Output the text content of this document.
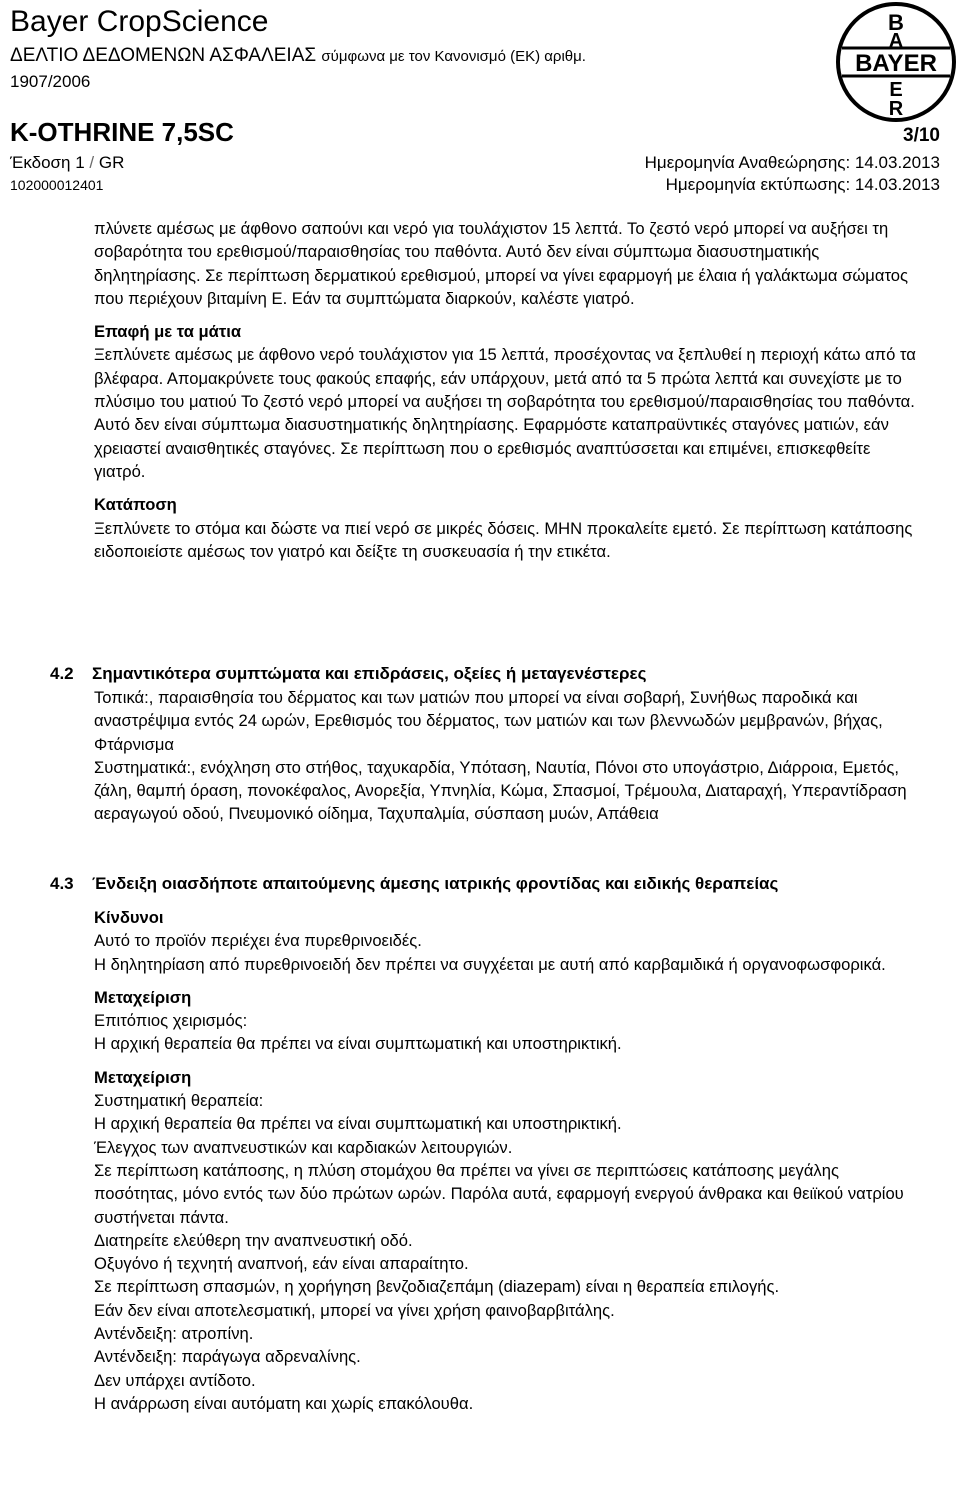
Bayer CropScience
ΔΕΛΤΙΟ ΔΕΔΟΜΕΝΩΝ ΑΣΦΑΛΕΙΑΣ σύμφωνα με τον Κανονισμό (ΕΚ) αριθμ.
1907/2006
B
A
BAYER
E
R
K-OTHRINE 7,5SC	3/10
Έκδοση 1 / GR	Ημερομηνία Αναθεώρησης: 14.03.2013
102000012401	Ημερομηνία εκτύπωσης: 14.03.2013

πλύνετε αμέσως με άφθονο σαπούνι και νερό για τουλάχιστον 15 λεπτά. Το ζεστό νερό μπορεί να αυξήσει τη σοβαρότητα του ερεθισμού/παραισθησίας του παθόντα. Αυτό δεν είναι σύμπτωμα διασυστηματικής δηλητηρίασης. Σε περίπτωση δερματικού ερεθισμού, μπορεί να γίνει εφαρμογή με έλαια ή γαλάκτωμα σώματος που περιέχουν βιταμίνη Ε. Εάν τα συμπτώματα διαρκούν, καλέστε γιατρό.

Επαφή με τα μάτια

Ξεπλύνετε αμέσως με άφθονο νερό τουλάχιστον για 15 λεπτά, προσέχοντας να ξεπλυθεί η περιοχή κάτω από τα βλέφαρα. Απομακρύνετε τους φακούς επαφής, εάν υπάρχουν, μετά από τα 5 πρώτα λεπτά και συνεχίστε με το πλύσιμο του ματιού Το ζεστό νερό μπορεί να αυξήσει τη σοβαρότητα του ερεθισμού/παραισθησίας του παθόντα. Αυτό δεν είναι σύμπτωμα διασυστηματικής δηλητηρίασης. Εφαρμόστε καταπραϋντικές σταγόνες ματιών, εάν χρειαστεί αναισθητικές σταγόνες. Σε περίπτωση που ο ερεθισμός αναπτύσσεται και επιμένει, επισκεφθείτε γιατρό.

Κατάποση

Ξεπλύνετε το στόμα και δώστε να πιεί νερό σε μικρές δόσεις. ΜΗΝ προκαλείτε εμετό. Σε περίπτωση κατάποσης ειδοποιείστε αμέσως τον γιατρό και δείξτε τη συσκευασία ή την ετικέτα.

4.2 Σημαντικότερα συμπτώματα και επιδράσεις, οξείες ή μεταγενέστερες

Τοπικά:, παραισθησία του δέρματος και των ματιών που μπορεί να είναι σοβαρή, Συνήθως παροδικά και αναστρέψιμα εντός 24 ωρών, Ερεθισμός του δέρματος, των ματιών και των βλεννωδών μεμβρανών, βήχας, Φτάρνισμα

Συστηματικά:, ενόχληση στο στήθος, ταχυκαρδία, Υπόταση, Ναυτία, Πόνοι στο υπογάστριο, Διάρροια, Εμετός, ζάλη, θαμπή όραση, πονοκέφαλος, Ανορεξία, Υπνηλία, Κώμα, Σπασμοί, Τρέμουλα, Διαταραχή, Υπεραντίδραση αεραγωγού οδού, Πνευμονικό οίδημα, Ταχυπαλμία, σύσπαση μυών, Απάθεια

4.3 Ένδειξη οιασδήποτε απαιτούμενης άμεσης ιατρικής φροντίδας και ειδικής θεραπείας

Κίνδυνοι

Αυτό το προϊόν περιέχει ένα πυρεθρινοειδές.

Η δηλητηρίαση από πυρεθρινοειδή δεν πρέπει να συγχέεται με αυτή από καρβαμιδικά ή οργανοφωσφορικά.

Μεταχείριση

Επιτόπιος χειρισμός:

Η αρχική θεραπεία θα πρέπει να είναι συμπτωματική και υποστηρικτική.

Μεταχείριση

Συστηματική θεραπεία:

Η αρχική θεραπεία θα πρέπει να είναι συμπτωματική και υποστηρικτική.

Έλεγχος των αναπνευστικών και καρδιακών λειτουργιών.

Σε περίπτωση κατάποσης, η πλύση στομάχου θα πρέπει να γίνει σε περιπτώσεις κατάποσης μεγάλης ποσότητας, μόνο εντός των δύο πρώτων ωρών. Παρόλα αυτά, εφαρμογή ενεργού άνθρακα και θειϊκού νατρίου συστήνεται πάντα.

Διατηρείτε ελεύθερη την αναπνευστική οδό.

Οξυγόνο ή τεχνητή αναπνοή, εάν είναι απαραίτητο.

Σε περίπτωση σπασμών, η χορήγηση βενζοδιαζεπάμη (diazepam) είναι η θεραπεία επιλογής.

Εάν δεν είναι αποτελεσματική, μπορεί να γίνει χρήση φαινοβαρβιτάλης.

Αντένδειξη: ατροπίνη.

Αντένδειξη: παράγωγα αδρεναλίνης.

Δεν υπάρχει αντίδοτο.

Η ανάρρωση είναι αυτόματη και χωρίς επακόλουθα.
